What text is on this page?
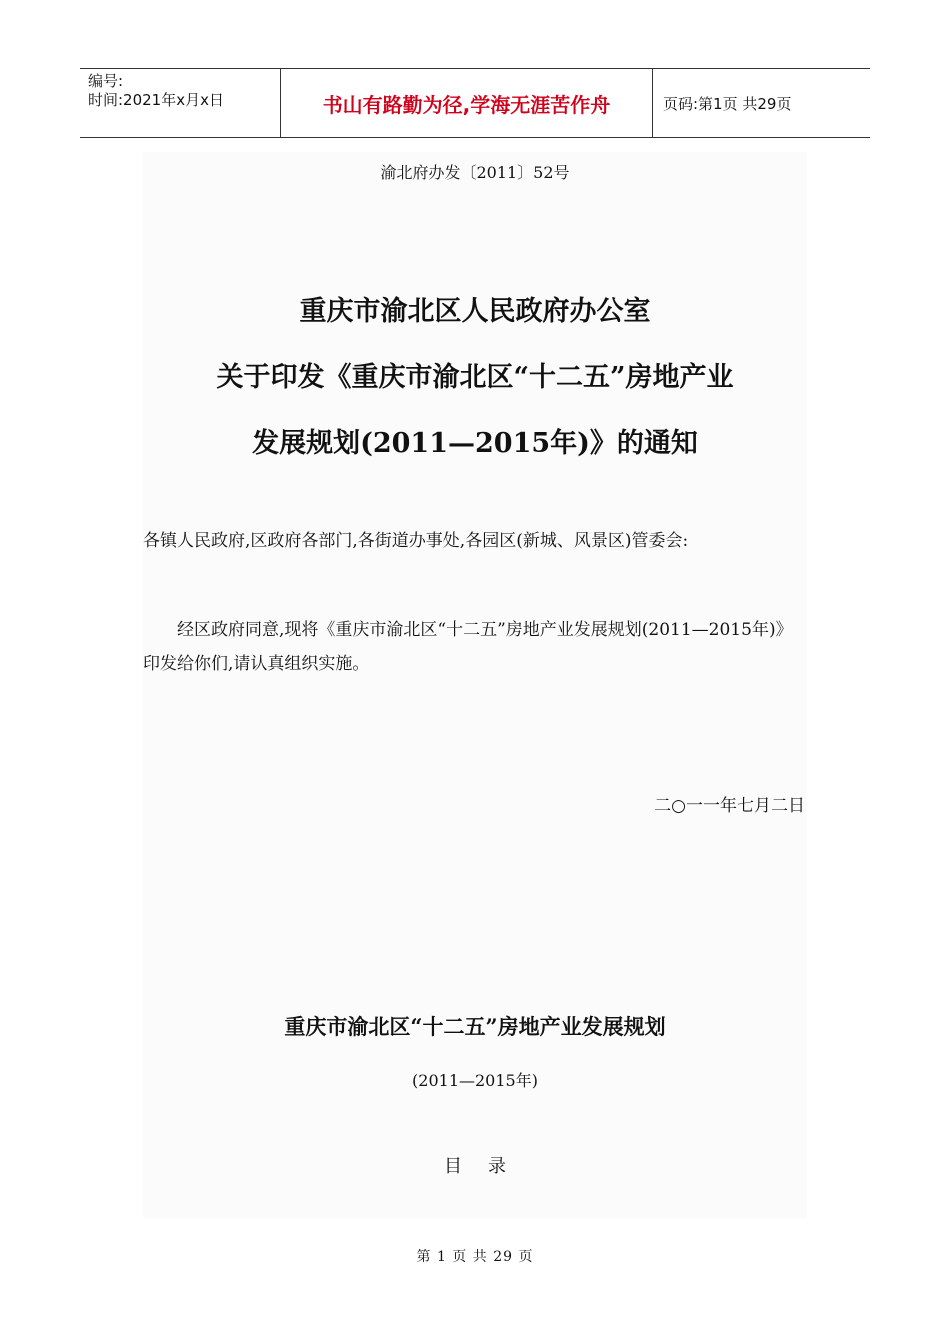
编号:
时间:2021年x月x日	书山有路勤为径,学海无涯苦作舟	页码:第1页 共29页
渝北府办发〔2011〕52号
重庆市渝北区人民政府办公室
关于印发《重庆市渝北区“十二五”房地产业
发展规划(2011—2015年)》的通知
各镇人民政府,区政府各部门,各街道办事处,各园区(新城、风景区)管委会:
经区政府同意,现将《重庆市渝北区“十二五”房地产业发展规划(2011—2015年)》印发给你们,请认真组织实施。
二○一一年七月二日
重庆市渝北区“十二五”房地产业发展规划
(2011—2015年)
目录
第 1 页 共 29 页
